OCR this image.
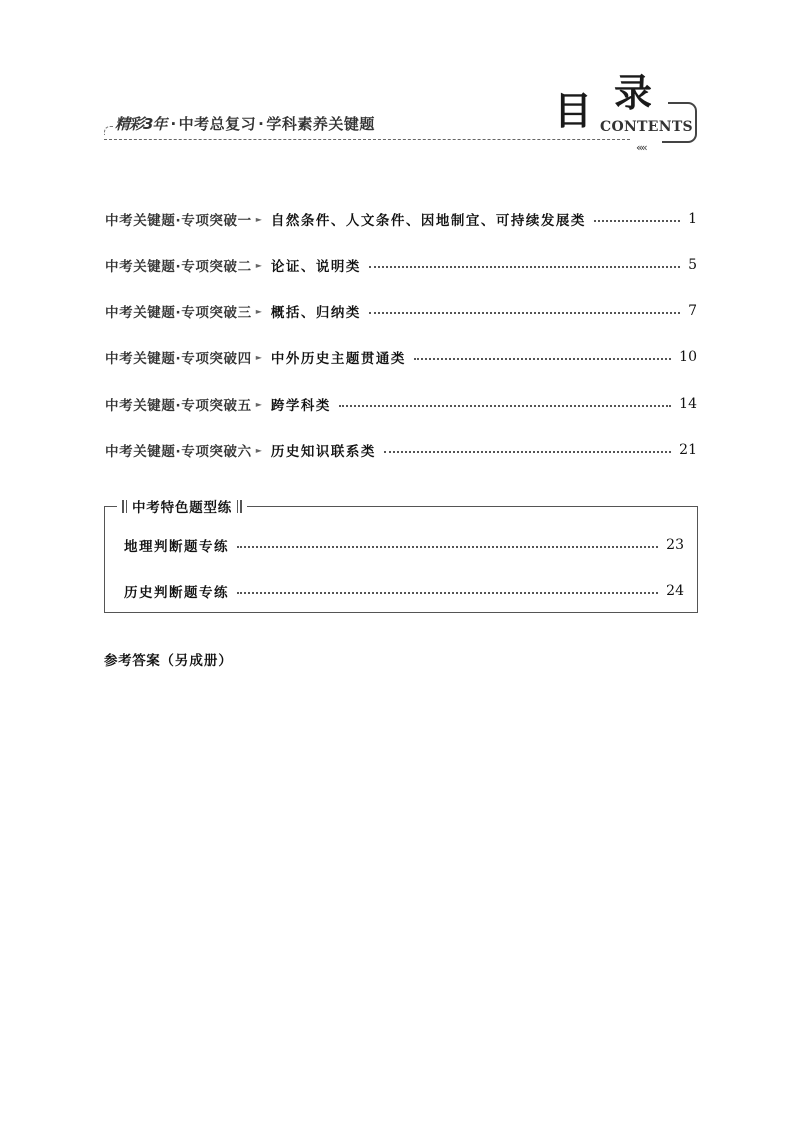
精彩3年 · 中考总复习 · 学科素养关键题	目 录
CONTENTS
‹‹‹‹
中考关键题·专项突破一 ► 自然条件、人文条件、因地制宜、可持续发展类	1
中考关键题·专项突破二 ► 论证、说明类	5
中考关键题·专项突破三 ► 概括、归纳类	7
中考关键题·专项突破四 ► 中外历史主题贯通类	10
中考关键题·专项突破五 ► 跨学科类	14
中考关键题·专项突破六 ► 历史知识联系类	21
中考特色题型练
地理判断题专练	23
历史判断题专练	24
参考答案（另成册）
